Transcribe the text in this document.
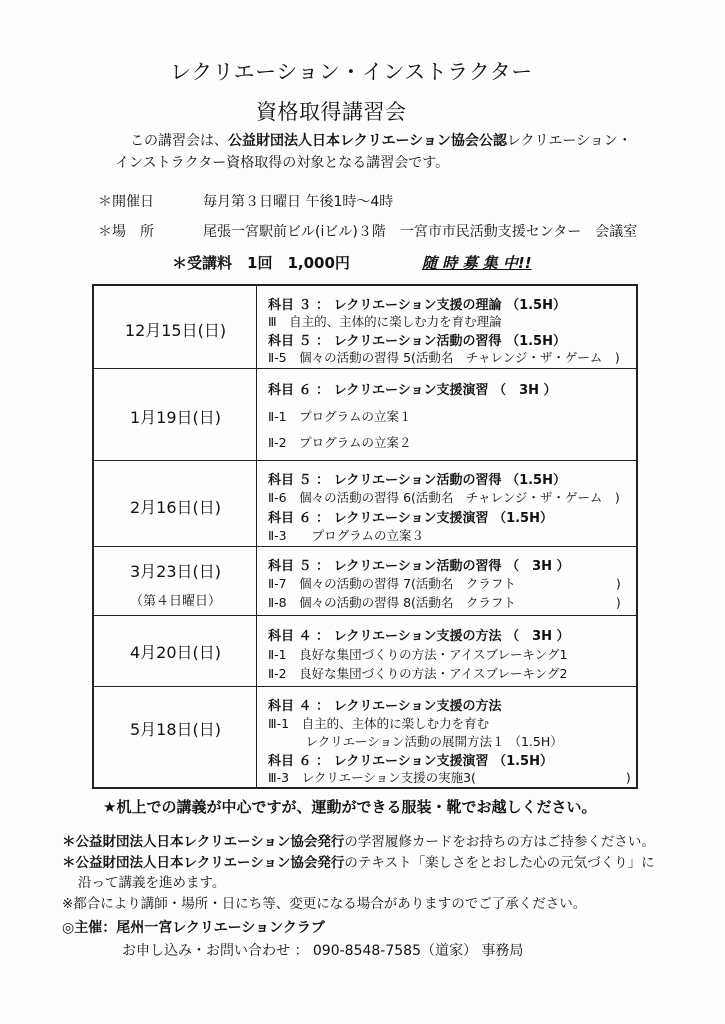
レクリエーション・インストラクター
資格取得講習会
この講習会は、公益財団法人日本レクリエーション協会公認レクリエーション・
インストラクター資格取得の対象となる講習会です。
＊開催日	毎月第３日曜日 午後1時～4時
＊場　所	尾張一宮駅前ビル(iビル)３階　一宮市市民活動支援センター　会議室
＊受講料　1回　1,000円	随 時 募 集 中!!
12月15日(日)
科目 ３ ： レクリエーション支援の理論 （1.5H）
Ⅲ　自主的、主体的に楽しむ力を育む理論
科目 ５ ： レクリエーション活動の習得 （1.5H）
Ⅱ-5　個々の活動の習得 5(活動名　チャレンジ・ザ・ゲーム　)
1月19日(日)
科目 ６ ： レクリエーション支援演習 （　3H ）
Ⅱ-1　プログラムの立案１
Ⅱ-2　プログラムの立案２
2月16日(日)
科目 ５ ： レクリエーション活動の習得 （1.5H）
Ⅱ-6　個々の活動の習得 6(活動名　チャレンジ・ザ・ゲーム　)
科目 ６ ： レクリエーション支援演習 （1.5H）
Ⅱ-3　　プログラムの立案３
3月23日(日)
（第４日曜日）
科目 ５ ： レクリエーション活動の習得 （　3H ）
Ⅱ-7　個々の活動の習得 7(活動名　クラフト　　　　　　　　)
Ⅱ-8　個々の活動の習得 8(活動名　クラフト　　　　　　　　)
4月20日(日)
科目 ４ ： レクリエーション支援の方法 （　3H ）
Ⅱ-1　良好な集団づくりの方法・アイスブレーキング1
Ⅱ-2　良好な集団づくりの方法・アイスブレーキング2
5月18日(日)
科目 ４ ： レクリエーション支援の方法
Ⅲ-1　自主的、主体的に楽しむ力を育む
　　　レクリエーション活動の展開方法１ （1.5H）
科目 ６ ： レクリエーション支援演習 （1.5H）
Ⅲ-3　レクリエーション支援の実施3(　　　　　　　　　　　　)
★机上での講義が中心ですが、運動ができる服装・靴でお越しください。
＊公益財団法人日本レクリエーション協会発行の学習履修カードをお持ちの方はご持参ください。
＊公益財団法人日本レクリエーション協会発行のテキスト「楽しさをとおした心の元気づくり」に
沿って講義を進めます。
※都合により講師・場所・日にち等、変更になる場合がありますのでご了承ください。
◎主催：尾州一宮レクリエーションクラブ
お申し込み・お問い合わせ ： 090-8548-7585（道家） 事務局
